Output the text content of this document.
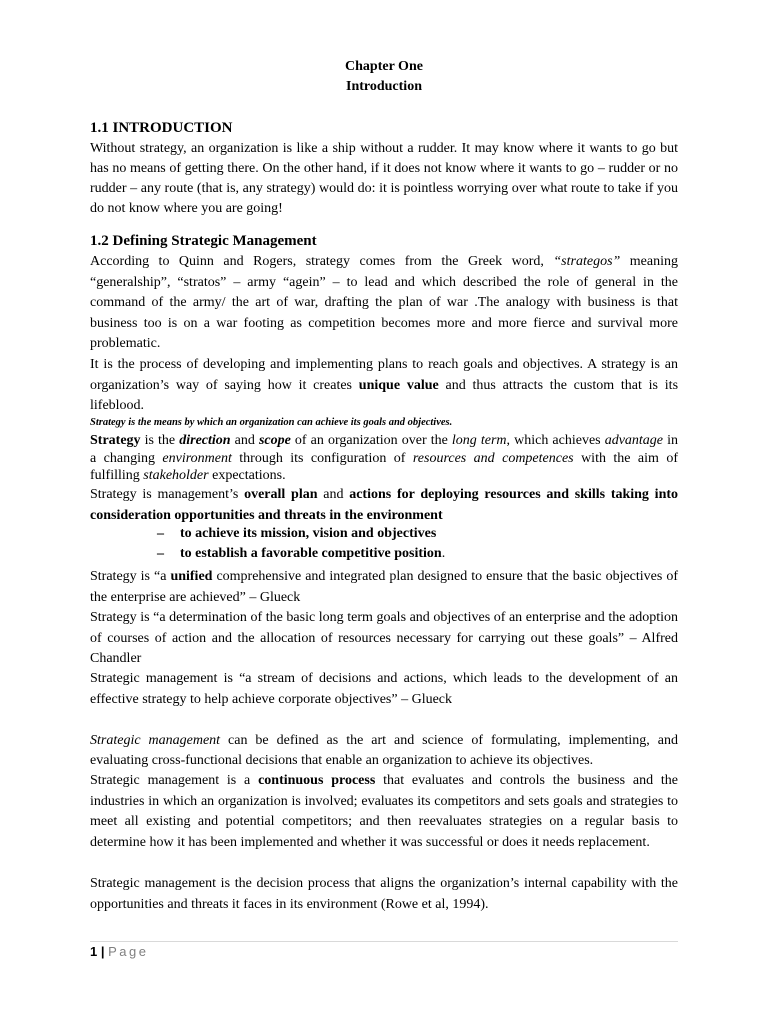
Chapter One
Introduction
1.1 INTRODUCTION

Without strategy, an organization is like a ship without a rudder. It may know where it wants to go but has no means of getting there. On the other hand, if it does not know where it wants to go – rudder or no rudder – any route (that is, any strategy) would do: it is pointless worrying over what route to take if you do not know where you are going!

1.2 Defining Strategic Management

According to Quinn and Rogers, strategy comes from the Greek word, “strategos” meaning “generalship”, “stratos” – army “agein” – to lead and which described the role of general in the command of the army/ the art of war, drafting the plan of war .The analogy with business is that business too is on a war footing as competition becomes more and more fierce and survival more problematic.

It is the process of developing and implementing plans to reach goals and objectives. A strategy is an organization’s way of saying how it creates unique value and thus attracts the custom that is its lifeblood.

Strategy is the means by which an organization can achieve its goals and objectives.

Strategy is the direction and scope of an organization over the long term, which achieves advantage in a changing environment through its configuration of resources and competences with the aim of fulfilling stakeholder expectations.

Strategy is management’s overall plan and actions for deploying resources and skills taking into consideration opportunities and threats in the environment

– to achieve its mission, vision and objectives
– to establish a favorable competitive position.

Strategy is “a unified comprehensive and integrated plan designed to ensure that the basic objectives of the enterprise are achieved” – Glueck

Strategy is “a determination of the basic long term goals and objectives of an enterprise and the adoption of courses of action and the allocation of resources necessary for carrying out these goals” – Alfred Chandler

Strategic management is “a stream of decisions and actions, which leads to the development of an effective strategy to help achieve corporate objectives” – Glueck

Strategic management can be defined as the art and science of formulating, implementing, and evaluating cross-functional decisions that enable an organization to achieve its objectives.

Strategic management is a continuous process that evaluates and controls the business and the industries in which an organization is involved; evaluates its competitors and sets goals and strategies to meet all existing and potential competitors; and then reevaluates strategies on a regular basis to determine how it has been implemented and whether it was successful or does it needs replacement.

Strategic management is the decision process that aligns the organization’s internal capability with the opportunities and threats it faces in its environment (Rowe et al, 1994).

1 | Page
